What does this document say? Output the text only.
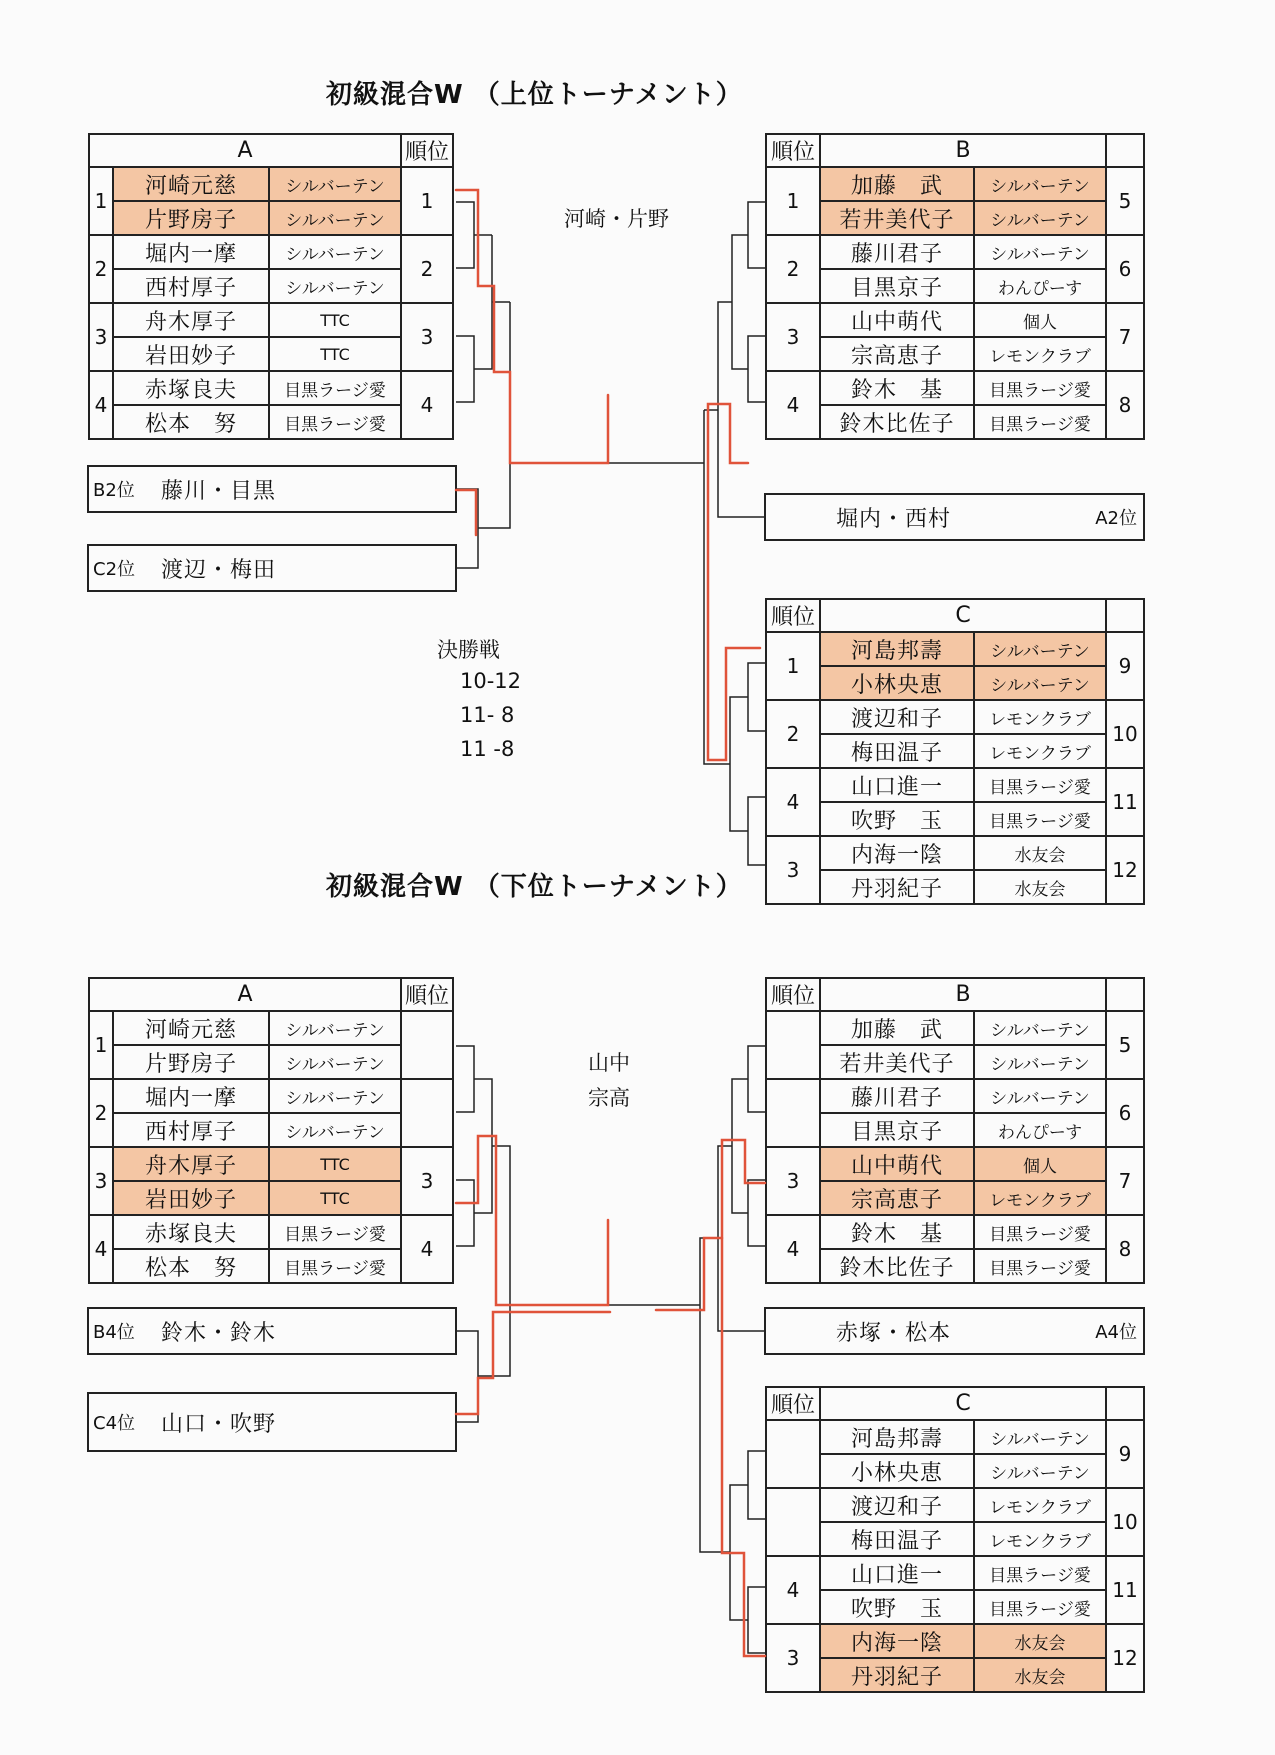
初級混合W （上位トーナメント）
A			順位
1	河崎元慈	シルバーテン	1
	片野房子	シルバーテン	
2	堀内一摩	シルバーテン	2
	西村厚子	シルバーテン	
3	舟木厚子	TTC	3
	岩田妙子	TTC	
4	赤塚良夫	目黒ラージ愛	4
	松本　努	目黒ラージ愛	
B2位	藤川・目黒
C2位	渡辺・梅田
順位	B		
1	加藤　武	シルバーテン	5
	若井美代子	シルバーテン	
2	藤川君子	シルバーテン	6
	目黒京子	わんぴーす	
3	山中萌代	個人	7
	宗高恵子	レモンクラブ	
4	鈴木　基	目黒ラージ愛	8
	鈴木比佐子	目黒ラージ愛	
堀内・西村	A2位
順位	C		
1	河島邦壽	シルバーテン	9
	小林央恵	シルバーテン	
2	渡辺和子	レモンクラブ	10
	梅田温子	レモンクラブ	
4	山口進一	目黒ラージ愛	11
	吹野　玉	目黒ラージ愛	
3	内海一陰	水友会	12
	丹羽紀子	水友会	
河崎・片野
決勝戦
10-12
11- 8
11 -8
初級混合W （下位トーナメント）
A			順位
1	河崎元慈	シルバーテン	
	片野房子	シルバーテン	
2	堀内一摩	シルバーテン	
	西村厚子	シルバーテン	
3	舟木厚子	TTC	3
	岩田妙子	TTC	
4	赤塚良夫	目黒ラージ愛	4
	松本　努	目黒ラージ愛	
B4位	鈴木・鈴木
C4位	山口・吹野
順位	B		
	加藤　武	シルバーテン	5
	若井美代子	シルバーテン	
	藤川君子	シルバーテン	6
	目黒京子	わんぴーす	
3	山中萌代	個人	7
	宗高恵子	レモンクラブ	
4	鈴木　基	目黒ラージ愛	8
	鈴木比佐子	目黒ラージ愛	
赤塚・松本	A4位
順位	C		
	河島邦壽	シルバーテン	9
	小林央恵	シルバーテン	
	渡辺和子	レモンクラブ	10
	梅田温子	レモンクラブ	
4	山口進一	目黒ラージ愛	11
	吹野　玉	目黒ラージ愛	
3	内海一陰	水友会	12
	丹羽紀子	水友会	
山中
宗高
